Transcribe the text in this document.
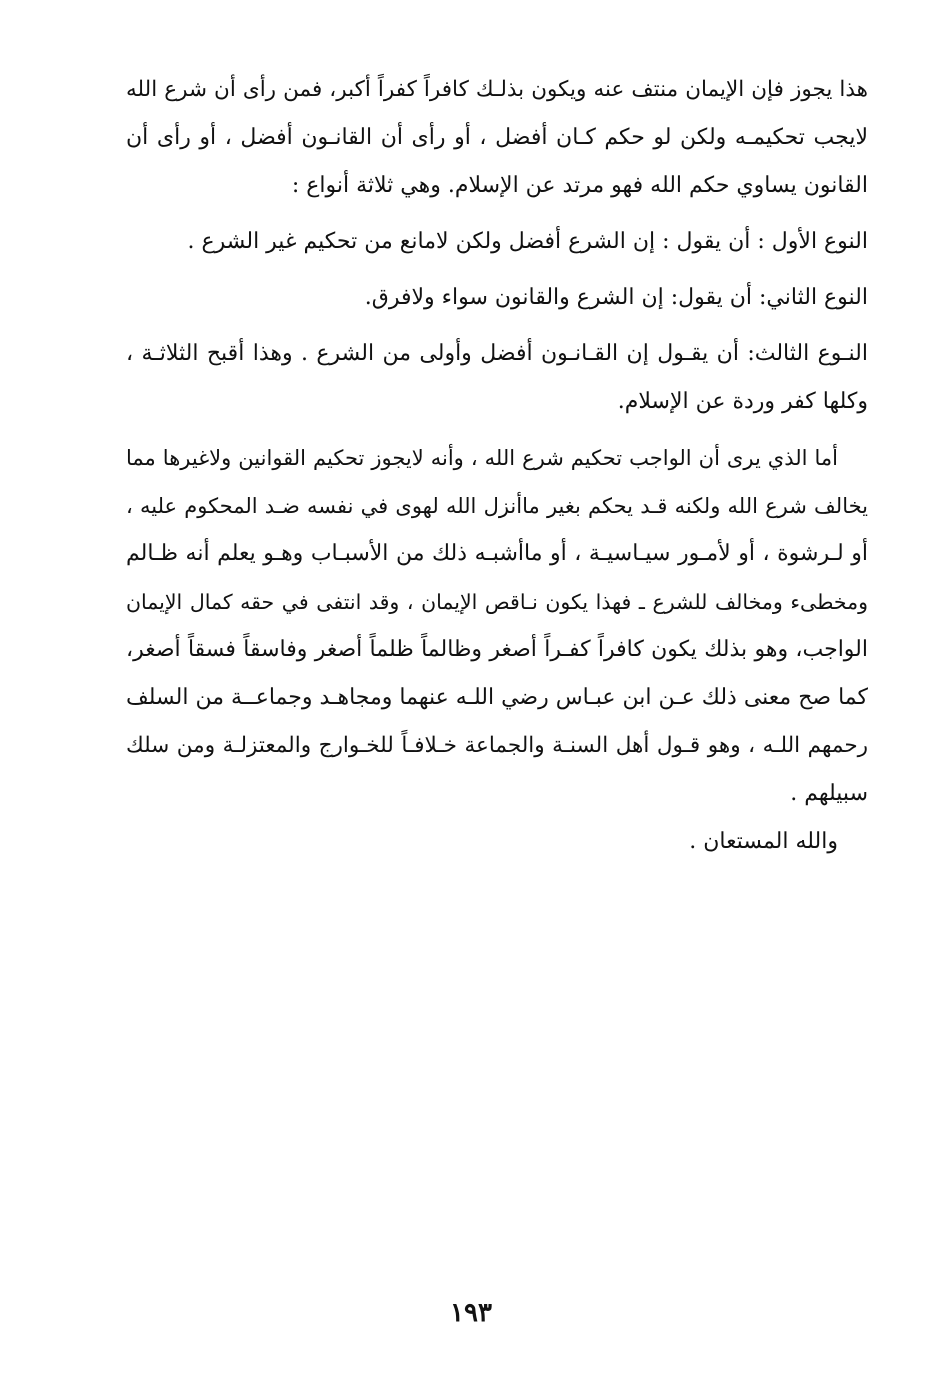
هذا يجوز فإن الإيمان منتف عنه ويكون بذلـك كافراً كفراً أكبر، فمن رأى أن شرع الله
لايجب تحكيمـه ولكن لو حكم كـان أفضل ، أو رأى أن القانـون أفضل ، أو رأى أن
القانون يساوي حكم الله فهو مرتد عن الإسلام. وهي ثلاثة أنواع :
النوع الأول : أن يقول : إن الشرع أفضل ولكن لامانع من تحكيم غير الشرع .
النوع الثاني: أن يقول: إن الشرع والقانون سواء ولافرق.
النـوع الثالث: أن يقـول إن القـانـون أفضل وأولى من الشرع . وهذا أقبح الثلاثـة ،
وكلها كفر وردة عن الإسلام.
أما الذي يرى أن الواجب تحكيم شرع الله ، وأنه لايجوز تحكيم القوانين ولاغيرها مما
يخالف شرع الله ولكنه قـد يحكم بغير ماأنزل الله لهوى في نفسه ضـد المحكوم عليه ،
أو لـرشوة ، أو لأمـور سيـاسيـة ، أو ماأشبـه ذلك من الأسبـاب وهـو يعلم أنه ظـالم
ومخطىء ومخالف للشرع ـ فهذا يكون نـاقص الإيمان ، وقد انتفى في حقه كمال الإيمان
الواجب، وهو بذلك يكون كافراً كفـراً أصغر وظالماً ظلماً أصغر وفاسقاً فسقاً أصغر،
كما صح معنى ذلك عـن ابن عبـاس رضي اللـه عنهما ومجاهـد وجماعــة من السلف
رحمهم اللـه ، وهو قـول أهل السنـة والجماعة خـلافـاً للخـوارج والمعتزلـة ومن سلك
سبيلهم .
والله المستعان .
١٩٣
